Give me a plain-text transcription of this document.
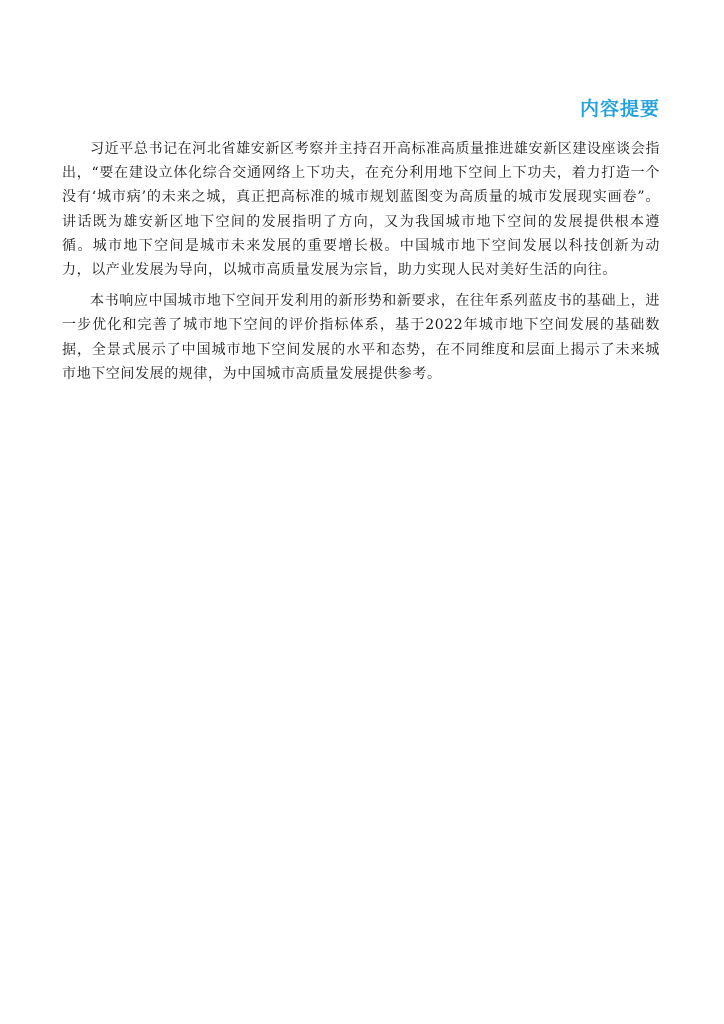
内容提要

习近平总书记在河北省雄安新区考察并主持召开高标准高质量推进雄安新区建设座谈会指出，“要在建设立体化综合交通网络上下功夫，在充分利用地下空间上下功夫，着力打造一个没有‘城市病’的未来之城，真正把高标准的城市规划蓝图变为高质量的城市发展现实画卷”。讲话既为雄安新区地下空间的发展指明了方向，又为我国城市地下空间的发展提供根本遵循。城市地下空间是城市未来发展的重要增长极。中国城市地下空间发展以科技创新为动力，以产业发展为导向，以城市高质量发展为宗旨，助力实现人民对美好生活的向往。

本书响应中国城市地下空间开发利用的新形势和新要求，在往年系列蓝皮书的基础上，进一步优化和完善了城市地下空间的评价指标体系，基于2022年城市地下空间发展的基础数据，全景式展示了中国城市地下空间发展的水平和态势，在不同维度和层面上揭示了未来城市地下空间发展的规律，为中国城市高质量发展提供参考。
